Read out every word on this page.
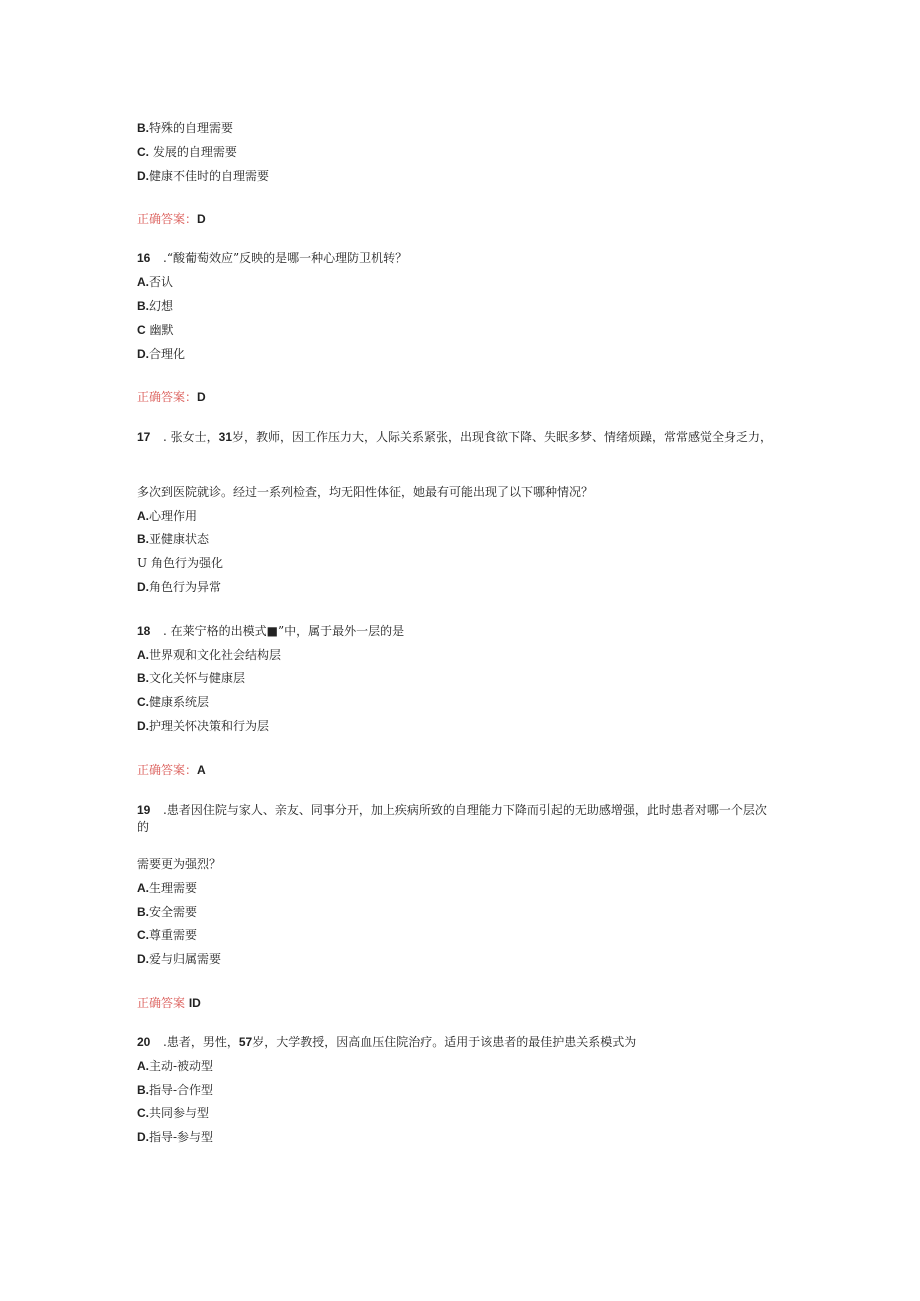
B.特殊的自理需要
C. 发展的自理需要
D.健康不佳时的自理需要
正确答案：D
16 .“酸葡萄效应”反映的是哪一种心理防卫机转？
A.否认
B.幻想
C 幽默
D.合理化
正确答案：D
17 . 张女士，31岁，教师，因工作压力大，人际关系紧张，出现食欲下降、失眠多梦、情绪烦躁，常常感觉全身乏力，
多次到医院就诊。经过一系列检查，均无阳性体征，她最有可能出现了以下哪种情况？
A.心理作用
B.亚健康状态
U 角色行为强化
D.角色行为异常
18 . 在莱宁格的出模式■”中，属于最外一层的是
A.世界观和文化社会结构层
B.文化关怀与健康层
C.健康系统层
D.护理关怀决策和行为层
正确答案：A
19 .患者因住院与家人、亲友、同事分开，加上疾病所致的自理能力下降而引起的无助感增强，此时患者对哪一个层次的
需要更为强烈？
A.生理需要
B.安全需要
C.尊重需要
D.爱与归属需要
正确答案 ID
20 .患者，男性，57岁，大学教授，因高血压住院治疗。适用于该患者的最佳护患关系模式为
A.主动-被动型
B.指导-合作型
C.共同参与型
D.指导-参与型
